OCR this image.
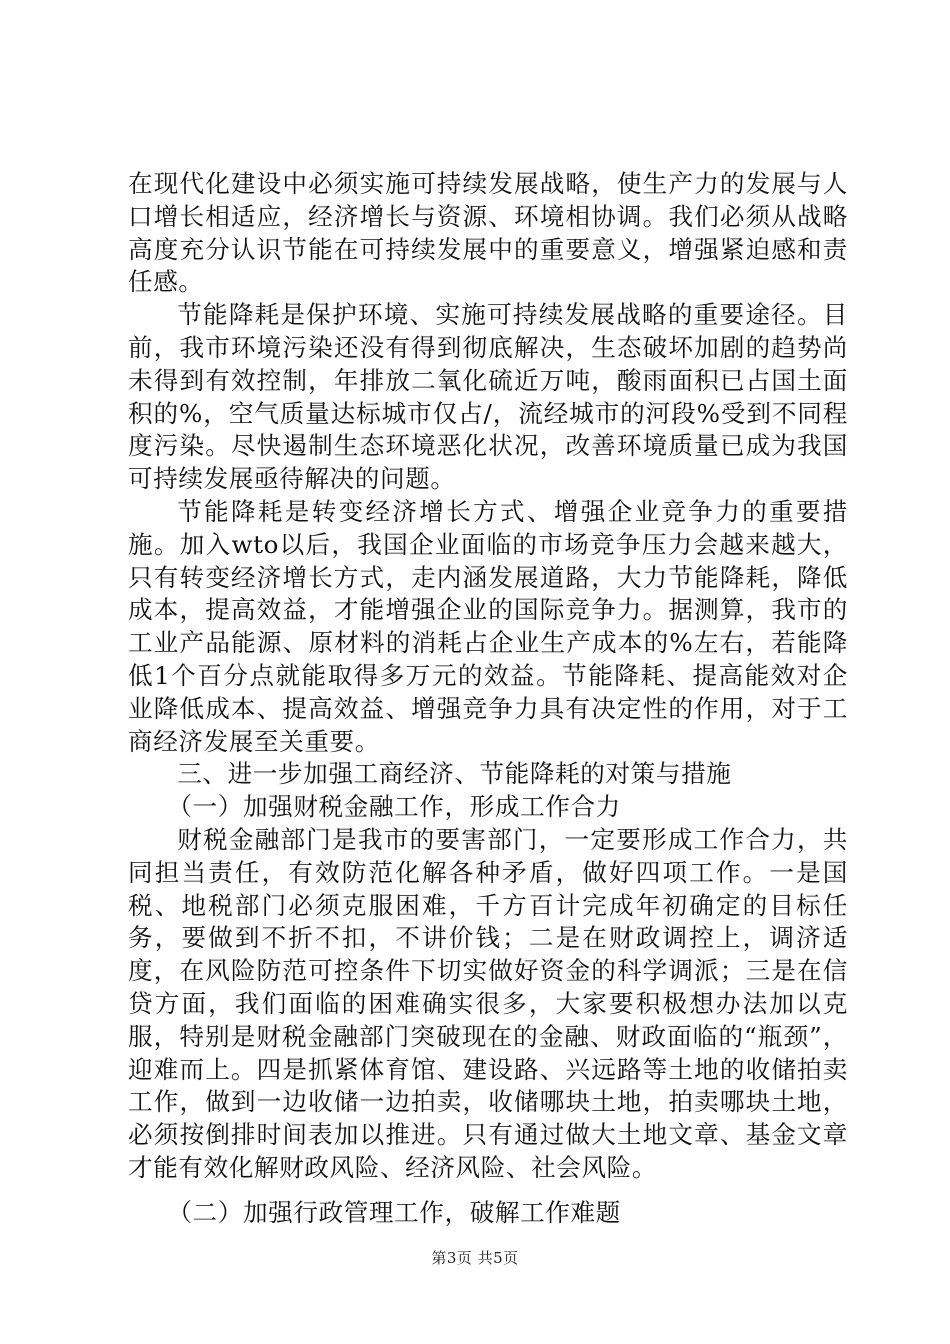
在现代化建设中必须实施可持续发展战略，使生产力的发展与人口增长相适应，经济增长与资源、环境相协调。我们必须从战略高度充分认识节能在可持续发展中的重要意义，增强紧迫感和责任感。

节能降耗是保护环境、实施可持续发展战略的重要途径。目前，我市环境污染还没有得到彻底解决，生态破坏加剧的趋势尚未得到有效控制，年排放二氧化硫近万吨，酸雨面积已占国土面积的%，空气质量达标城市仅占/，流经城市的河段%受到不同程度污染。尽快遏制生态环境恶化状况，改善环境质量已成为我国可持续发展亟待解决的问题。

节能降耗是转变经济增长方式、增强企业竞争力的重要措施。加入wto以后，我国企业面临的市场竞争压力会越来越大，只有转变经济增长方式，走内涵发展道路，大力节能降耗，降低成本，提高效益，才能增强企业的国际竞争力。据测算，我市的工业产品能源、原材料的消耗占企业生产成本的%左右，若能降低1个百分点就能取得多万元的效益。节能降耗、提高能效对企业降低成本、提高效益、增强竞争力具有决定性的作用，对于工商经济发展至关重要。

三、进一步加强工商经济、节能降耗的对策与措施

（一）加强财税金融工作，形成工作合力

财税金融部门是我市的要害部门，一定要形成工作合力，共同担当责任，有效防范化解各种矛盾，做好四项工作。一是国税、地税部门必须克服困难，千方百计完成年初确定的目标任务，要做到不折不扣，不讲价钱；二是在财政调控上，调济适度，在风险防范可控条件下切实做好资金的科学调派；三是在信贷方面，我们面临的困难确实很多，大家要积极想办法加以克服，特别是财税金融部门突破现在的金融、财政面临的“瓶颈”，迎难而上。四是抓紧体育馆、建设路、兴远路等土地的收储拍卖工作，做到一边收储一边拍卖，收储哪块土地，拍卖哪块土地，必须按倒排时间表加以推进。只有通过做大土地文章、基金文章才能有效化解财政风险、经济风险、社会风险。

（二）加强行政管理工作，破解工作难题

第3页 共5页
